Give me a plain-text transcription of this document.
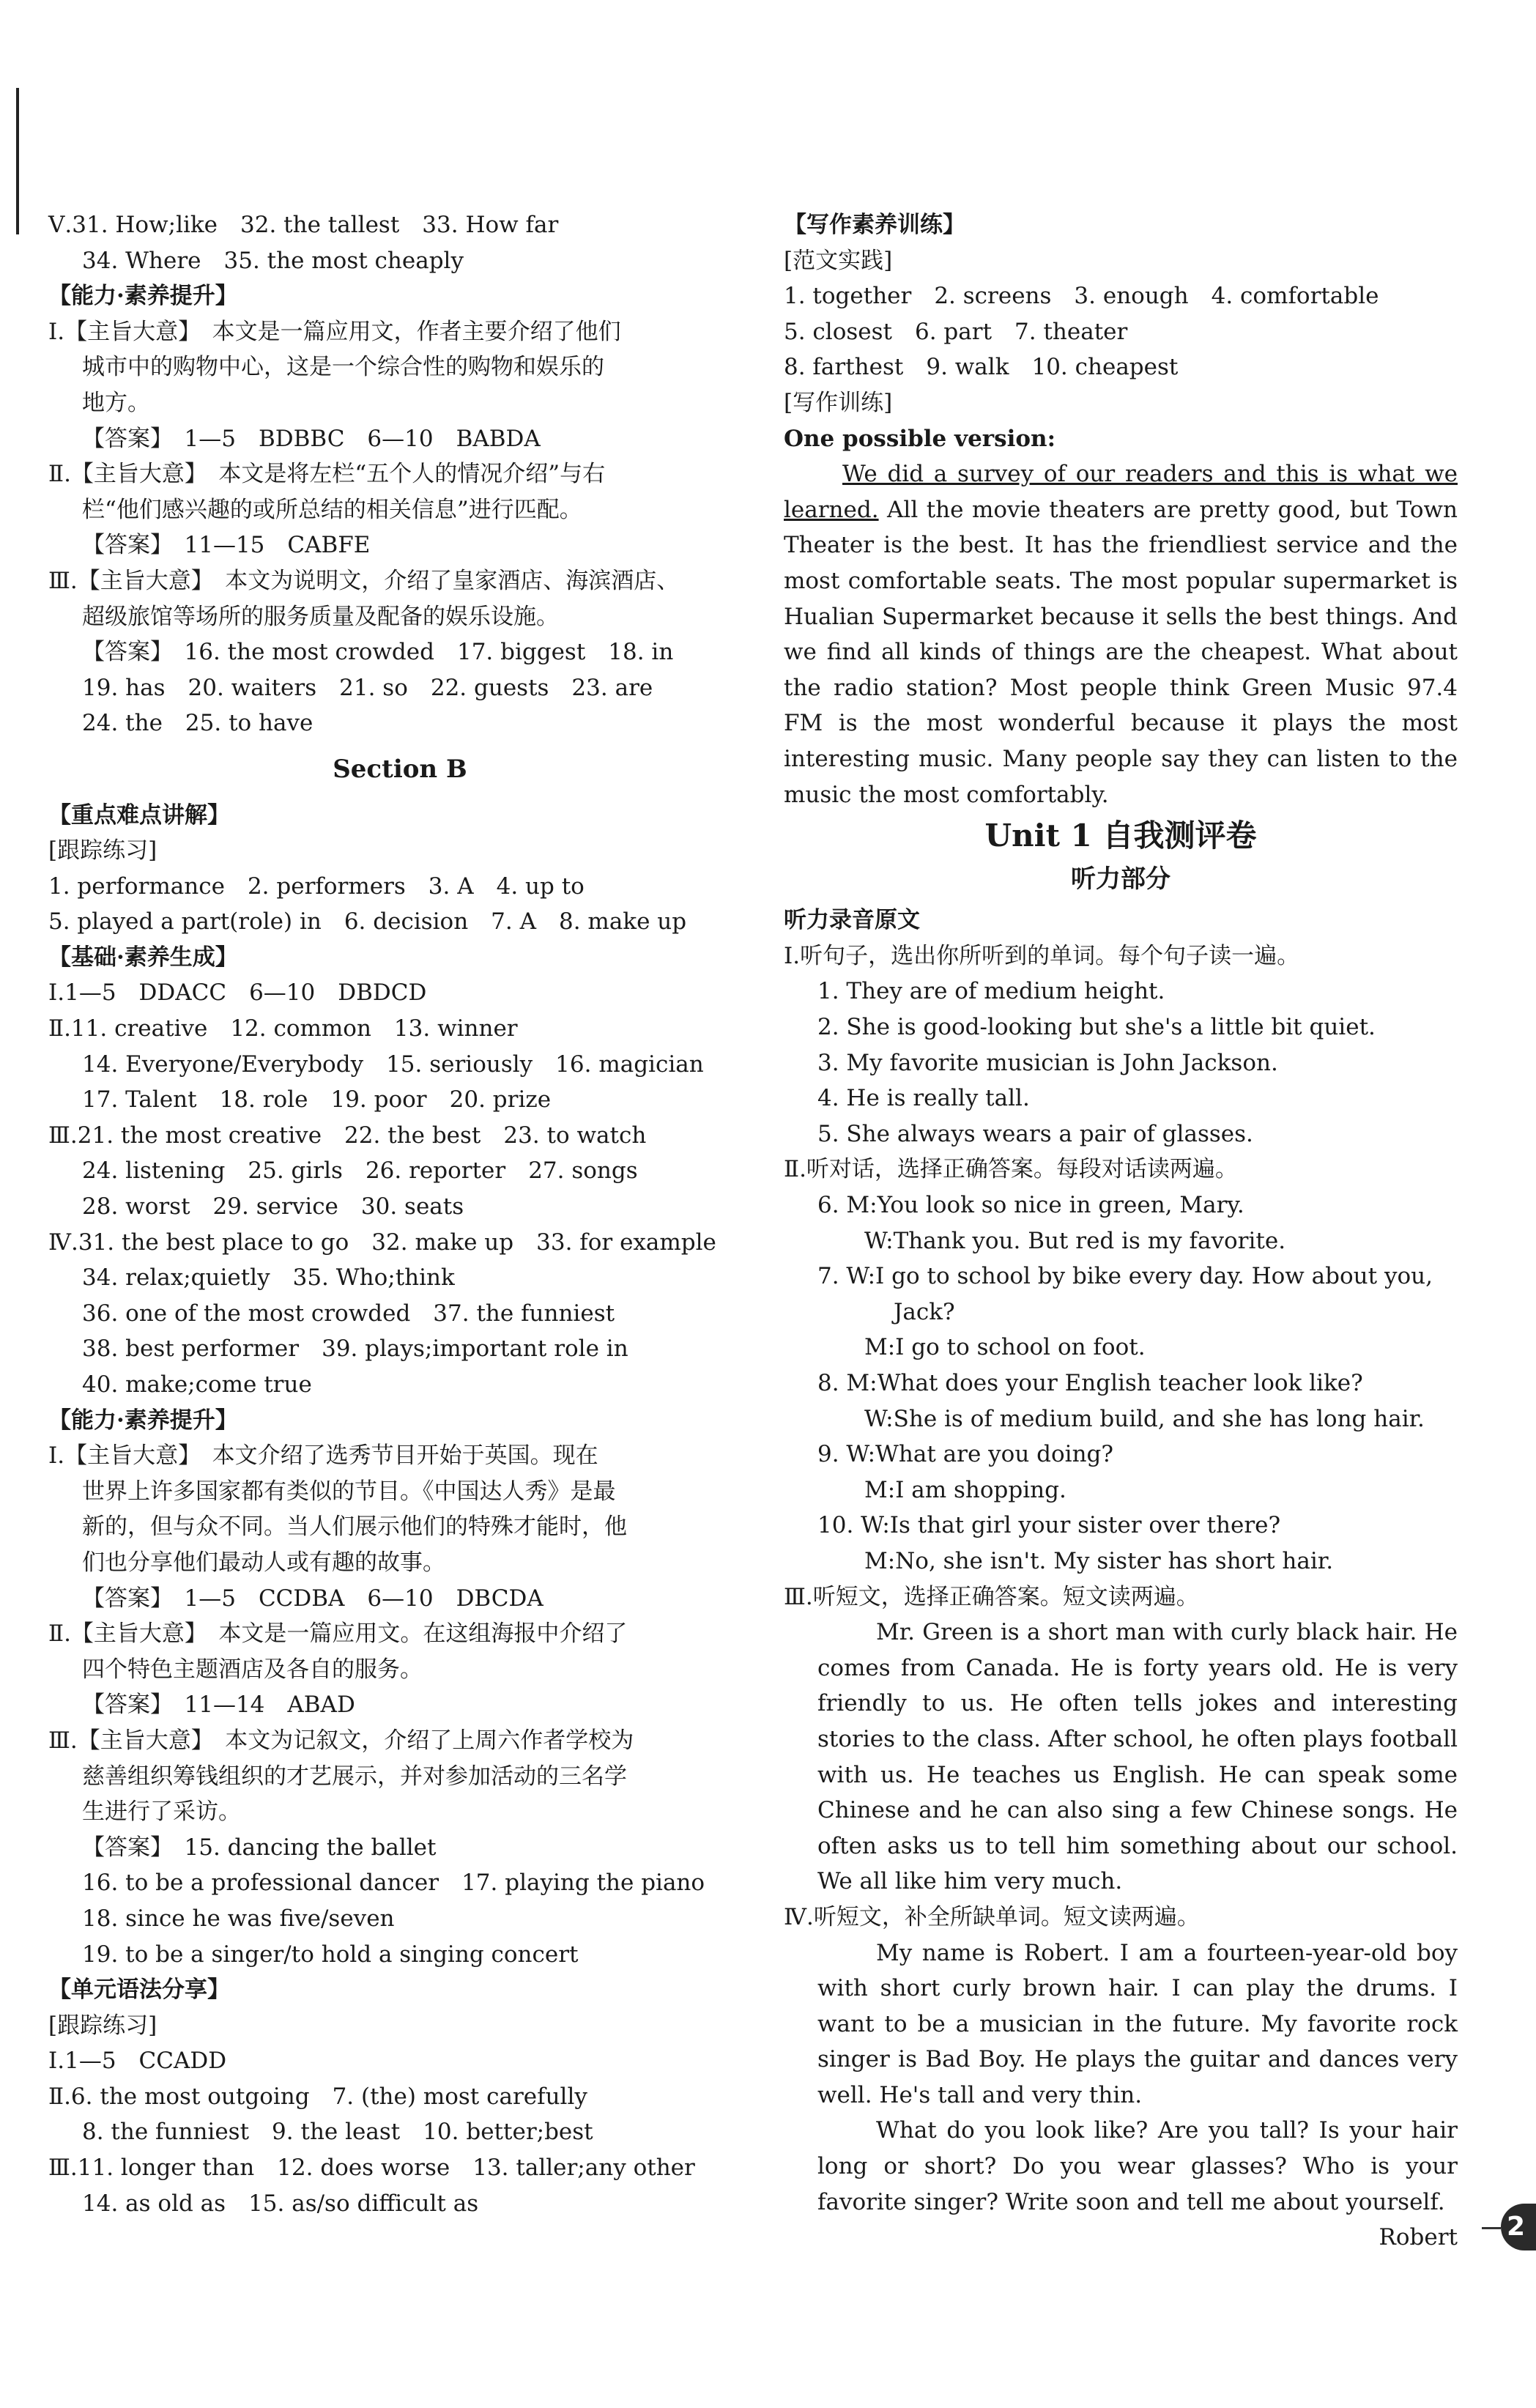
Ⅴ.31. How;like　32. the tallest　33. How far
34. Where　35. the most cheaply
【能力·素养提升】
Ⅰ.【主旨大意】　本文是一篇应用文，作者主要介绍了他们
城市中的购物中心，这是一个综合性的购物和娱乐的
地方。
【答案】　1—5　BDBBC　6—10　BABDA
Ⅱ.【主旨大意】　本文是将左栏“五个人的情况介绍”与右
栏“他们感兴趣的或所总结的相关信息”进行匹配。
【答案】　11—15　CABFE
Ⅲ.【主旨大意】　本文为说明文，介绍了皇家酒店、海滨酒店、
超级旅馆等场所的服务质量及配备的娱乐设施。
【答案】　16. the most crowded　17. biggest　18. in
19. has　20. waiters　21. so　22. guests　23. are
24. the　25. to have
Section B
【重点难点讲解】
[跟踪练习]
1. performance　2. performers　3. A　4. up to
5. played a part(role) in　6. decision　7. A　8. make up
【基础·素养生成】
Ⅰ.1—5　DDACC　6—10　DBDCD
Ⅱ.11. creative　12. common　13. winner
14. Everyone/Everybody　15. seriously　16. magician
17. Talent　18. role　19. poor　20. prize
Ⅲ.21. the most creative　22. the best　23. to watch
24. listening　25. girls　26. reporter　27. songs
28. worst　29. service　30. seats
Ⅳ.31. the best place to go　32. make up　33. for example
34. relax;quietly　35. Who;think
36. one of the most crowded　37. the funniest
38. best performer　39. plays;important role in
40. make;come true
【能力·素养提升】
Ⅰ.【主旨大意】　本文介绍了选秀节目开始于英国。现在
世界上许多国家都有类似的节目。《中国达人秀》是最
新的，但与众不同。当人们展示他们的特殊才能时，他
们也分享他们最动人或有趣的故事。
【答案】　1—5　CCDBA　6—10　DBCDA
Ⅱ.【主旨大意】　本文是一篇应用文。在这组海报中介绍了
四个特色主题酒店及各自的服务。
【答案】　11—14　ABAD
Ⅲ.【主旨大意】　本文为记叙文，介绍了上周六作者学校为
慈善组织筹钱组织的才艺展示，并对参加活动的三名学
生进行了采访。
【答案】　15. dancing the ballet
16. to be a professional dancer　17. playing the piano
18. since he was five/seven
19. to be a singer/to hold a singing concert
【单元语法分享】
[跟踪练习]
Ⅰ.1—5　CCADD
Ⅱ.6. the most outgoing　7. (the) most carefully
8. the funniest　9. the least　10. better;best
Ⅲ.11. longer than　12. does worse　13. taller;any other
14. as old as　15. as/so difficult as
【写作素养训练】
[范文实践]
1. together　2. screens　3. enough　4. comfortable
5. closest　6. part　7. theater
8. farthest　9. walk　10. cheapest
[写作训练]
One possible version:
We did a survey of our readers and this is what we learned. All the movie theaters are pretty good, but Town Theater is the best. It has the friendliest service and the most comfortable seats. The most popular supermarket is Hualian Supermarket because it sells the best things. And we find all kinds of things are the cheapest. What about the radio station? Most people think Green Music 97.4 FM is the most wonderful because it plays the most interesting music. Many people say they can listen to the music the most comfortably.
Unit 1 自我测评卷
听力部分
听力录音原文
Ⅰ.听句子，选出你所听到的单词。每个句子读一遍。
1. They are of medium height.
2. She is good-looking but she's a little bit quiet.
3. My favorite musician is John Jackson.
4. He is really tall.
5. She always wears a pair of glasses.
Ⅱ.听对话，选择正确答案。每段对话读两遍。
6. M:You look so nice in green, Mary.
W:Thank you. But red is my favorite.
7. W:I go to school by bike every day. How about you,
Jack?
M:I go to school on foot.
8. M:What does your English teacher look like?
W:She is of medium build, and she has long hair.
9. W:What are you doing?
M:I am shopping.
10. W:Is that girl your sister over there?
M:No, she isn't. My sister has short hair.
Ⅲ.听短文，选择正确答案。短文读两遍。
Mr. Green is a short man with curly black hair. He comes from Canada. He is forty years old. He is very friendly to us. He often tells jokes and interesting stories to the class. After school, he often plays football with us. He teaches us English. He can speak some Chinese and he can also sing a few Chinese songs. He often asks us to tell him something about our school. We all like him very much.
Ⅳ.听短文，补全所缺单词。短文读两遍。
My name is Robert. I am a fourteen-year-old boy with short curly brown hair. I can play the drums. I want to be a musician in the future. My favorite rock singer is Bad Boy. He plays the guitar and dances very well. He's tall and very thin.
What do you look like? Are you tall? Is your hair long or short? Do you wear glasses? Who is your favorite singer? Write soon and tell me about yourself.
Robert 2
